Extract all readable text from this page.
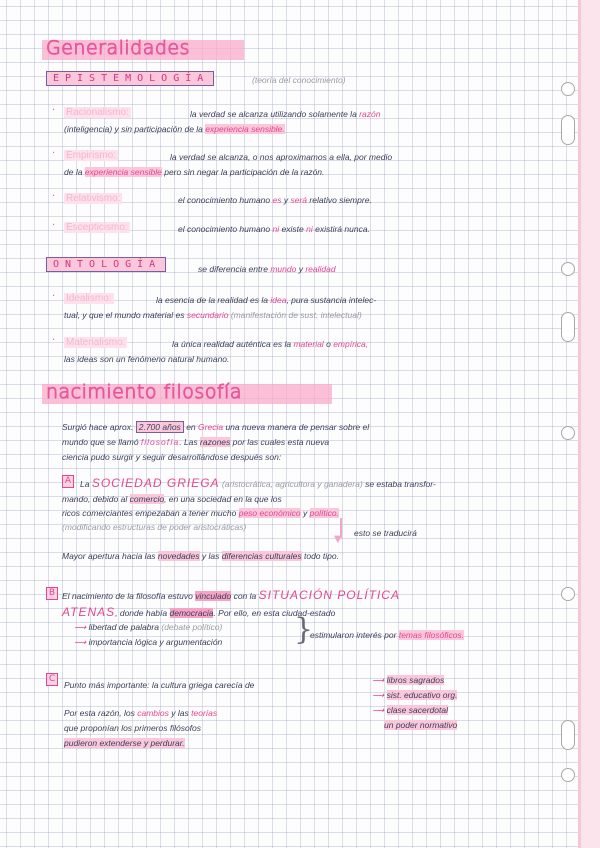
Generalidades
EPISTEMOLOGÍA	(teoría del conocimiento)
· Racionalismo:	la verdad se alcanza utilizando solamente la razón
(inteligencia) y sin participación de la experiencia sensible.
· Empirismo:	la verdad se alcanza, o nos aproximamos a ella, por medio
de la experiencia sensible pero sin negar la participación de la razón.
· Relativismo:	el conocimiento humano es y será relativo siempre.
· Escepticismo:	el conocimiento humano ni existe ni existirá nunca.
ONTOLOGÍA	se diferencia entre mundo y realidad
· Idealismo:	la esencia de la realidad es la idea, pura sustancia intelec-
tual, y que el mundo material es secundario (manifestación de sust. intelectual)
· Materialismo:	la única realidad auténtica es la material o empírica,
las ideas son un fenómeno natural humano.
nacimiento filosofía
Surgió hace aprox. 2.700 años en Grecia una nueva manera de pensar sobre el
mundo que se llamó filosofía. Las razones por las cuales esta nueva
ciencia pudo surgir y seguir desarrollándose después son:
A	La SOCIEDAD GRIEGA (aristocrática, agricultora y ganadera) se estaba transfor-
mando, debido al comercio, en una sociedad en la que los
ricos comerciantes empezaban a tener mucho peso económico y político.
(modificando estructuras de poder aristocráticas)
▼
esto se traducirá
Mayor apertura hacia las novedades y las diferencias culturales todo tipo.
B El nacimiento de la filosofía estuvo vinculado con la SITUACIÓN POLÍTICA
ATENAS, donde había democracia. Por ello, en esta ciudad-estado
⟶ libertad de palabra (debate político)
⟶ importancia lógica y argumentación }
estimularon interés por temas filosóficos.
C
Punto más importante: la cultura griega carecía de	⟶ libros sagrados
⟶ sist. educativo org.
⟶ clase sacerdotal
un poder normativo
Por esta razón, los cambios y las teorías
que proponían los primeros filósofos
pudieron extenderse y perdurar.
